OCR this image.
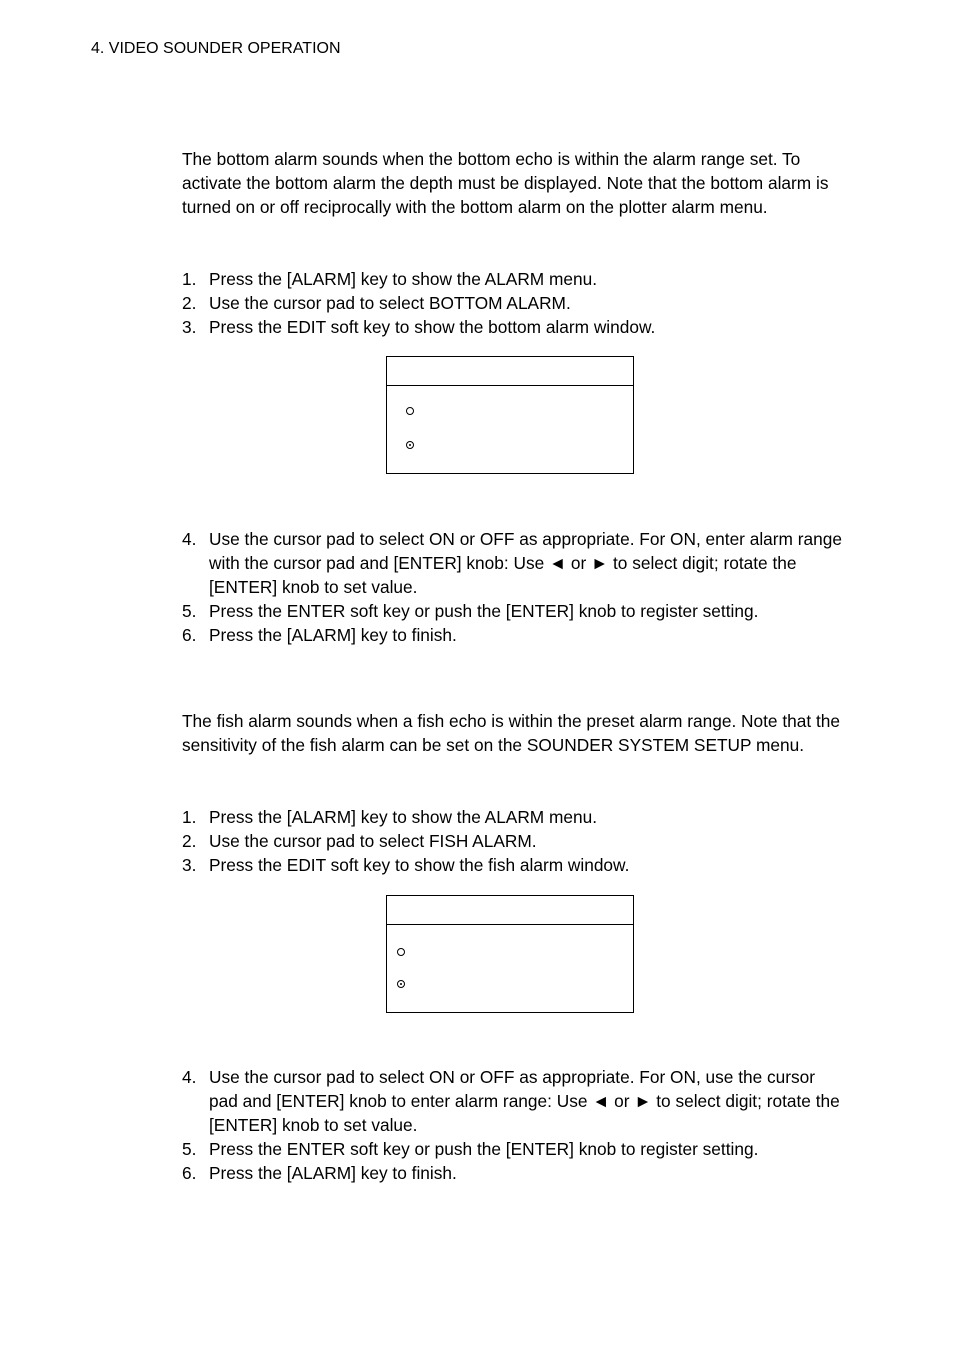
4. VIDEO SOUNDER OPERATION

The bottom alarm sounds when the bottom echo is within the alarm range set. To activate the bottom alarm the depth must be displayed. Note that the bottom alarm is turned on or off reciprocally with the bottom alarm on the plotter alarm menu.

1. Press the [ALARM] key to show the ALARM menu.
2. Use the cursor pad to select BOTTOM ALARM.
3. Press the EDIT soft key to show the bottom alarm window.
4. Use the cursor pad to select ON or OFF as appropriate. For ON, enter alarm range with the cursor pad and [ENTER] knob: Use ◄ or ► to select digit; rotate the [ENTER] knob to set value.
5. Press the ENTER soft key or push the [ENTER] knob to register setting.
6. Press the [ALARM] key to finish.

The fish alarm sounds when a fish echo is within the preset alarm range. Note that the sensitivity of the fish alarm can be set on the SOUNDER SYSTEM SETUP menu.

1. Press the [ALARM] key to show the ALARM menu.
2. Use the cursor pad to select FISH ALARM.
3. Press the EDIT soft key to show the fish alarm window.
4. Use the cursor pad to select ON or OFF as appropriate. For ON, use the cursor pad and [ENTER] knob to enter alarm range: Use ◄ or ► to select digit; rotate the [ENTER] knob to set value.
5. Press the ENTER soft key or push the [ENTER] knob to register setting.
6. Press the [ALARM] key to finish.
